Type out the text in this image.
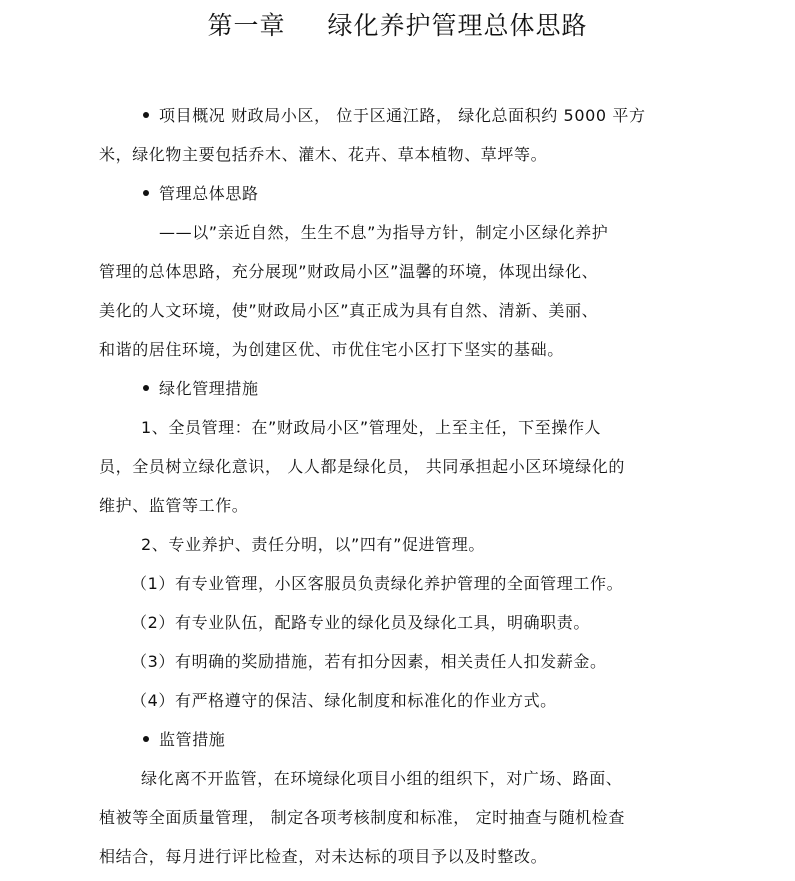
第一章 绿化养护管理总体思路
项目概况 财政局小区， 位于区通江路， 绿化总面积约 5000 平方
米，绿化物主要包括乔木、灌木、花卉、草本植物、草坪等。
管理总体思路
——以”亲近自然，生生不息”为指导方针，制定小区绿化养护
管理的总体思路，充分展现”财政局小区”温馨的环境，体现出绿化、
美化的人文环境，使”财政局小区”真正成为具有自然、清新、美丽、
和谐的居住环境，为创建区优、市优住宅小区打下坚实的基础。
绿化管理措施
1、全员管理：在”财政局小区”管理处，上至主任，下至操作人
员，全员树立绿化意识， 人人都是绿化员， 共同承担起小区环境绿化的
维护、监管等工作。
2、专业养护、责任分明，以”四有”促进管理。
（1）有专业管理，小区客服员负责绿化养护管理的全面管理工作。
（2）有专业队伍，配路专业的绿化员及绿化工具，明确职责。
（3）有明确的奖励措施，若有扣分因素，相关责任人扣发薪金。
（4）有严格遵守的保洁、绿化制度和标准化的作业方式。
监管措施
绿化离不开监管，在环境绿化项目小组的组织下，对广场、路面、
植被等全面质量管理， 制定各项考核制度和标准， 定时抽查与随机检查
相结合，每月进行评比检查，对未达标的项目予以及时整改。
